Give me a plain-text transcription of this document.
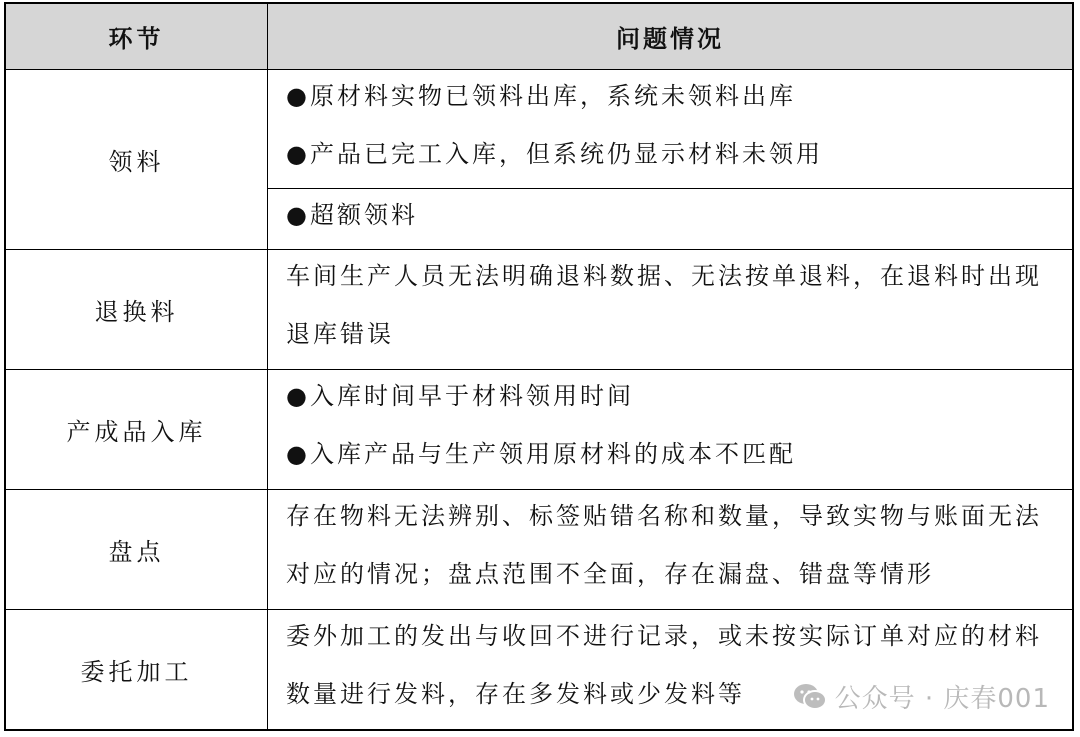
环节	问题情况
领料
●原材料实物已领料出库，系统未领料出库
●产品已完工入库，但系统仍显示材料未领用
●超额领料
退换料
车间生产人员无法明确退料数据、无法按单退料，在退料时出现
退库错误
产成品入库
●入库时间早于材料领用时间
●入库产品与生产领用原材料的成本不匹配
盘点
存在物料无法辨别、标签贴错名称和数量，导致实物与账面无法
对应的情况；盘点范围不全面，存在漏盘、错盘等情形
委托加工
委外加工的发出与收回不进行记录，或未按实际订单对应的材料
数量进行发料，存在多发料或少发料等	公众号 · 庆春001
